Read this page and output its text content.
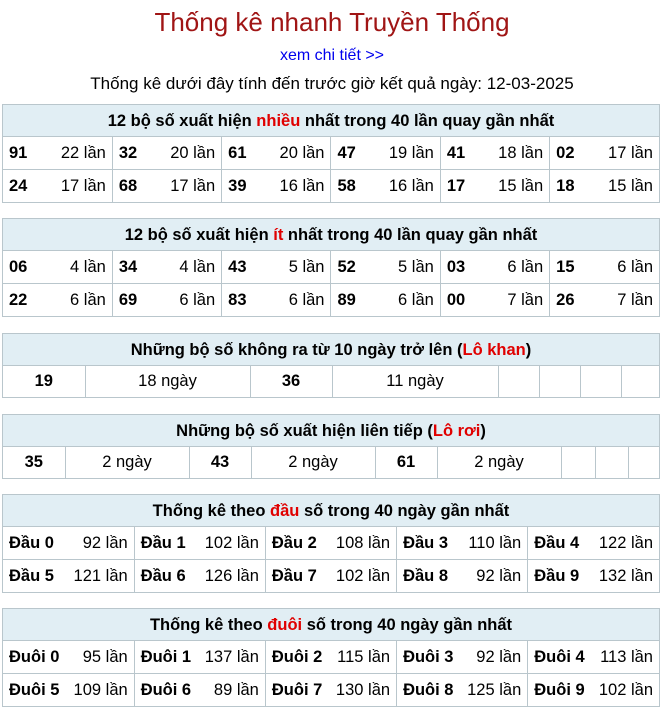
Thống kê nhanh Truyền Thống
xem chi tiết >>
Thống kê dưới đây tính đến trước giờ kết quả ngày: 12-03-2025
12 bộ số xuất hiện nhiều nhất trong 40 lần quay gần nhất
91 22 lần	32 20 lần	61 20 lần	47 19 lần	41 18 lần	02 17 lần

24 17 lần	68 17 lần	39 16 lần	58 16 lần	17 15 lần	18 15 lần
12 bộ số xuất hiện ít nhất trong 40 lần quay gần nhất
06 4 lần	34 4 lần	43 5 lần	52 5 lần	03 6 lần	15 6 lần

22 6 lần	69 6 lần	83 6 lần	89 6 lần	00 7 lần	26 7 lần
Những bộ số không ra từ 10 ngày trở lên (Lô khan)
19	18 ngày	36	11 ngày				
Những bộ số xuất hiện liên tiếp (Lô rơi)
35	2 ngày	43	2 ngày	61	2 ngày			
Thống kê theo đầu số trong 40 ngày gần nhất
Đầu 0 92 lần	Đầu 1 102 lần	Đầu 2 108 lần	Đầu 3 110 lần	Đầu 4 122 lần

Đầu 5 121 lần	Đầu 6 126 lần	Đầu 7 102 lần	Đầu 8 92 lần	Đầu 9 132 lần
Thống kê theo đuôi số trong 40 ngày gần nhất
Đuôi 0 95 lần	Đuôi 1 137 lần	Đuôi 2 115 lần	Đuôi 3 92 lần	Đuôi 4 113 lần

Đuôi 5 109 lần	Đuôi 6 89 lần	Đuôi 7 130 lần	Đuôi 8 125 lần	Đuôi 9 102 lần
